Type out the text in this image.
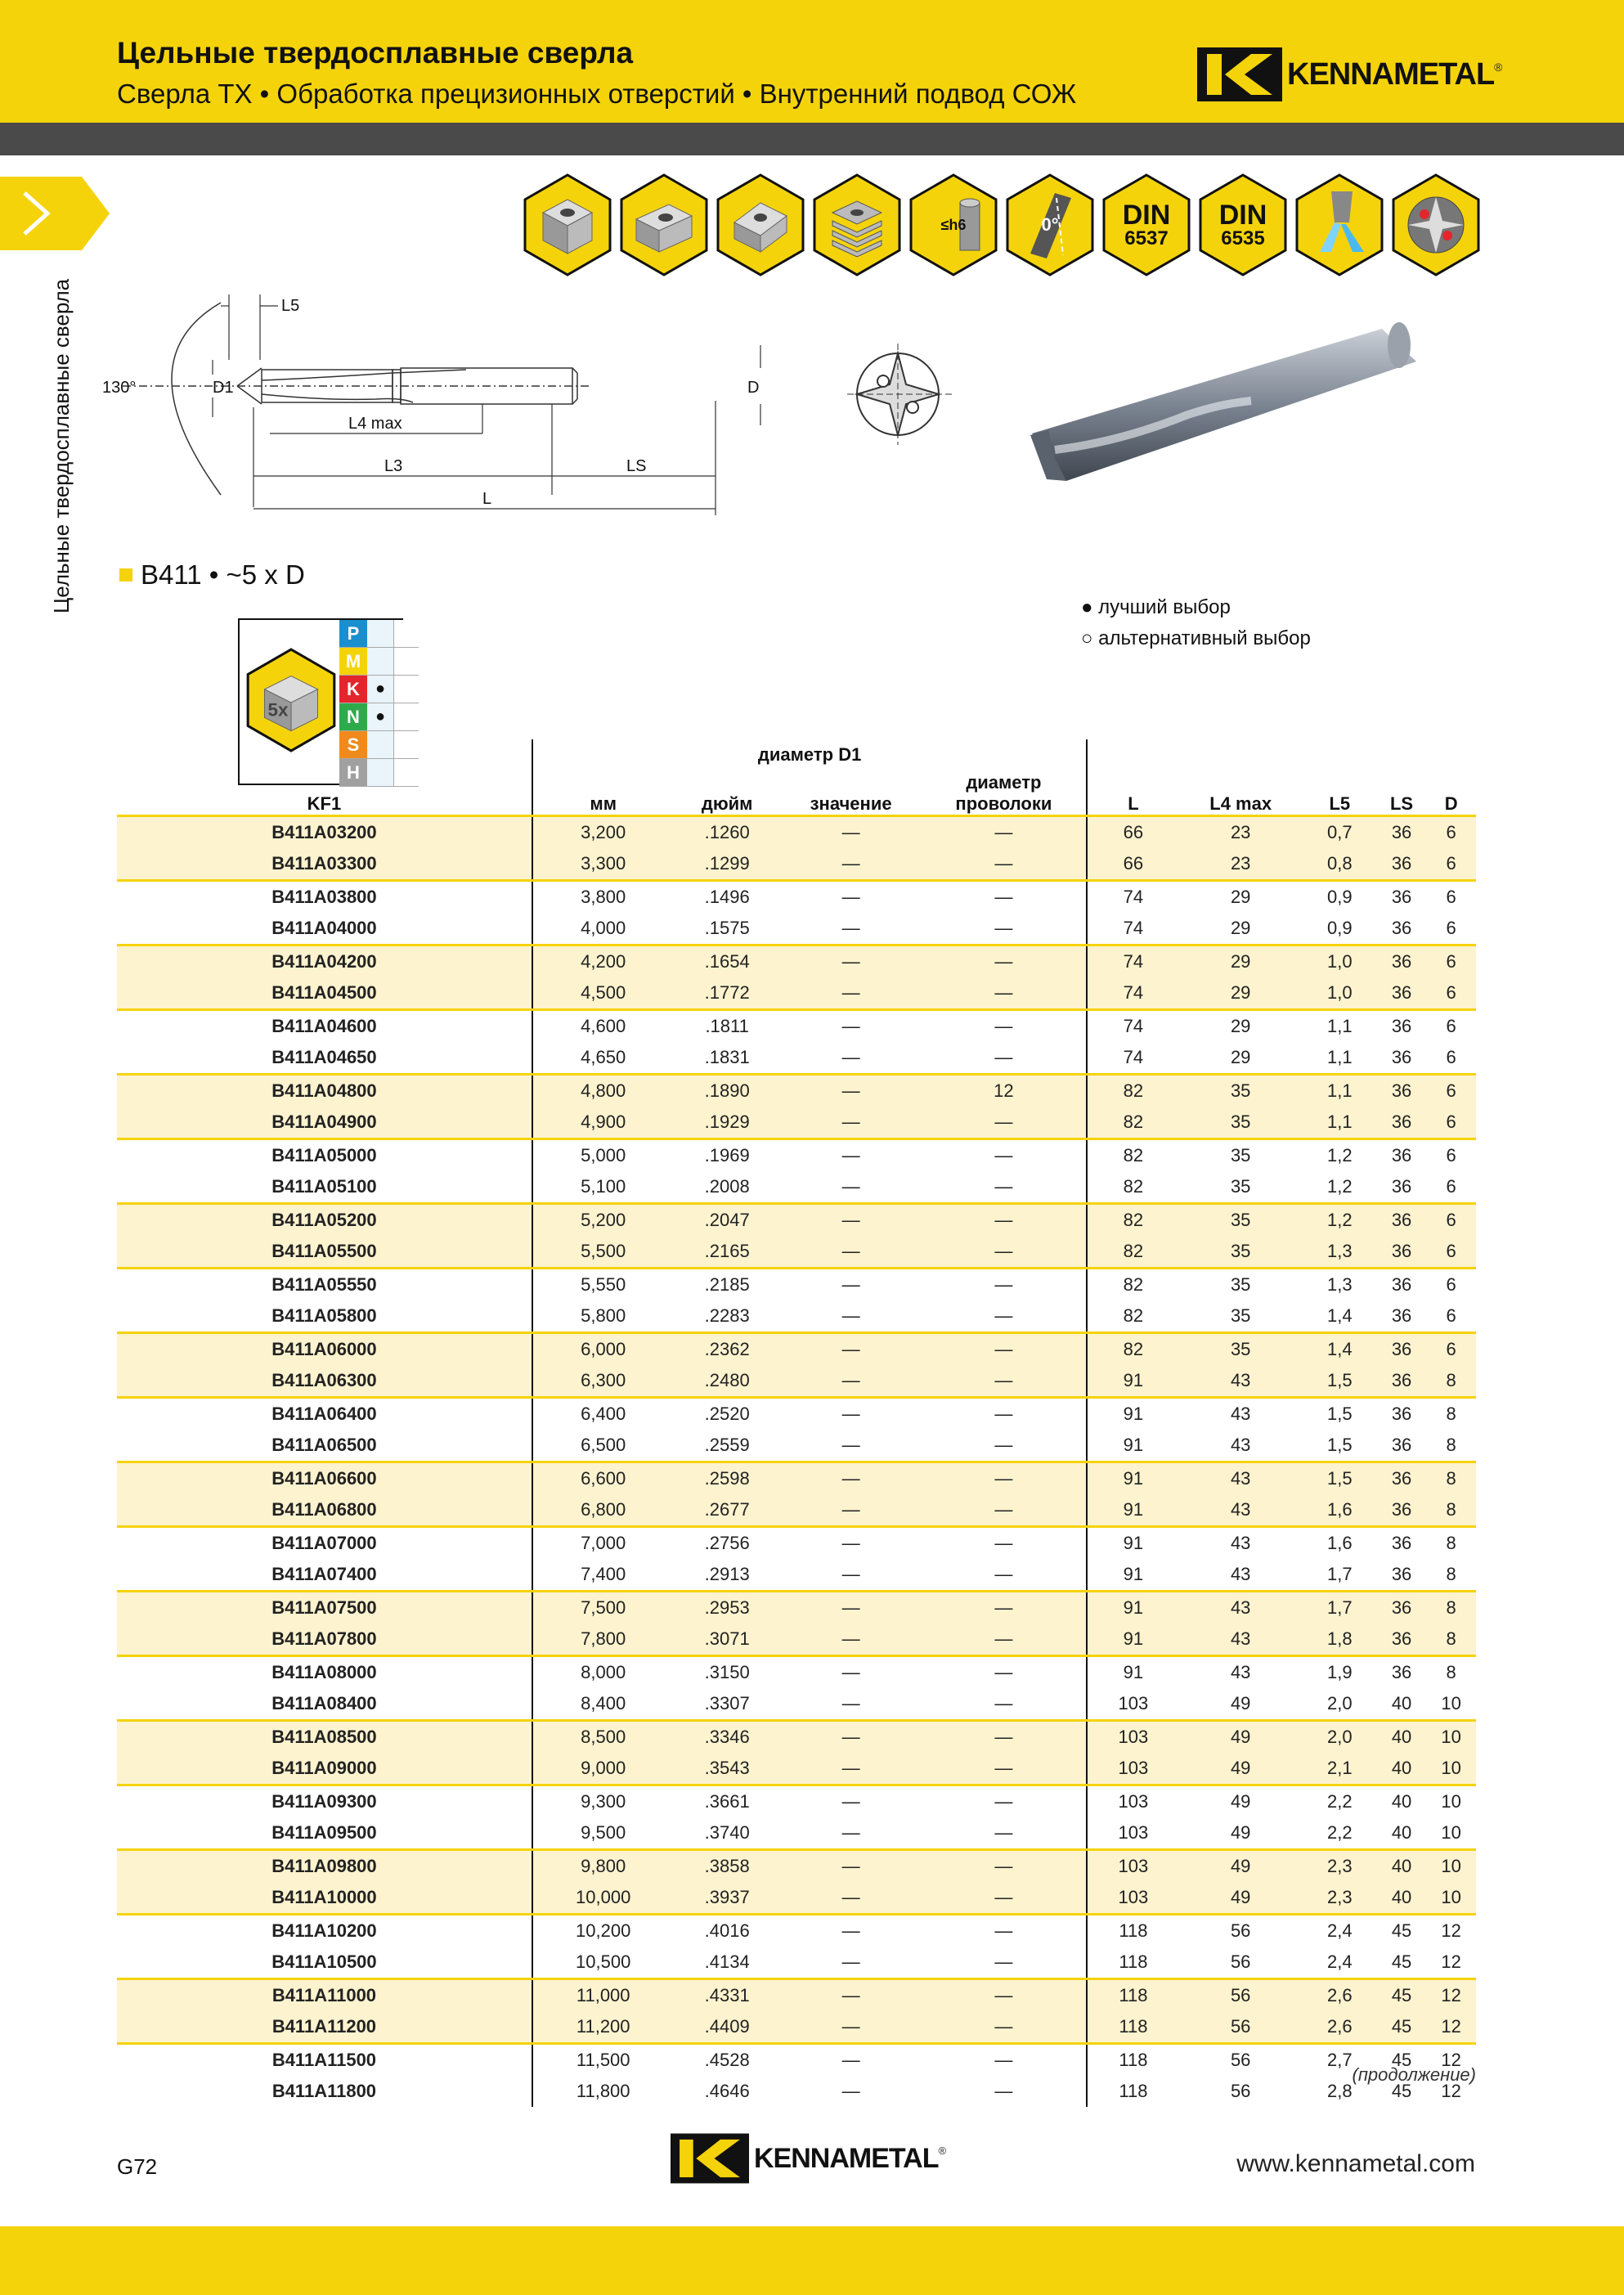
Цельные твердосплавные сверла
Сверла TX • Обработка прецизионных отверстий • Внутренний подвод СОЖ
KENNAMETAL ®
Цельные твердосплавные сверла
≤h6	0°	DIN
6537
DIN
6535
130°	D1
L5
L4 max
L3	LS
L
D
B411 • ~5 x D
● лучший выбор
○ альтернативный выбор
5x
P
M
K ●
N ●
S
H
	диаметр D1								
KF1	мм	дюйм	значение	диаметр проволоки	L	L4 max	L5	LS	D
B411A03200	3,200	.1260	—	—	66	23	0,7	36	6
B411A03300	3,300	.1299	—	—	66	23	0,8	36	6
B411A03800	3,800	.1496	—	—	74	29	0,9	36	6
B411A04000	4,000	.1575	—	—	74	29	0,9	36	6
B411A04200	4,200	.1654	—	—	74	29	1,0	36	6
B411A04500	4,500	.1772	—	—	74	29	1,0	36	6
B411A04600	4,600	.1811	—	—	74	29	1,1	36	6
B411A04650	4,650	.1831	—	—	74	29	1,1	36	6
B411A04800	4,800	.1890	—	12	82	35	1,1	36	6
B411A04900	4,900	.1929	—	—	82	35	1,1	36	6
B411A05000	5,000	.1969	—	—	82	35	1,2	36	6
B411A05100	5,100	.2008	—	—	82	35	1,2	36	6
B411A05200	5,200	.2047	—	—	82	35	1,2	36	6
B411A05500	5,500	.2165	—	—	82	35	1,3	36	6
B411A05550	5,550	.2185	—	—	82	35	1,3	36	6
B411A05800	5,800	.2283	—	—	82	35	1,4	36	6
B411A06000	6,000	.2362	—	—	82	35	1,4	36	6
B411A06300	6,300	.2480	—	—	91	43	1,5	36	8
B411A06400	6,400	.2520	—	—	91	43	1,5	36	8
B411A06500	6,500	.2559	—	—	91	43	1,5	36	8
B411A06600	6,600	.2598	—	—	91	43	1,5	36	8
B411A06800	6,800	.2677	—	—	91	43	1,6	36	8
B411A07000	7,000	.2756	—	—	91	43	1,6	36	8
B411A07400	7,400	.2913	—	—	91	43	1,7	36	8
B411A07500	7,500	.2953	—	—	91	43	1,7	36	8
B411A07800	7,800	.3071	—	—	91	43	1,8	36	8
B411A08000	8,000	.3150	—	—	91	43	1,9	36	8
B411A08400	8,400	.3307	—	—	103	49	2,0	40	10
B411A08500	8,500	.3346	—	—	103	49	2,0	40	10
B411A09000	9,000	.3543	—	—	103	49	2,1	40	10
B411A09300	9,300	.3661	—	—	103	49	2,2	40	10
B411A09500	9,500	.3740	—	—	103	49	2,2	40	10
B411A09800	9,800	.3858	—	—	103	49	2,3	40	10
B411A10000	10,000	.3937	—	—	103	49	2,3	40	10
B411A10200	10,200	.4016	—	—	118	56	2,4	45	12
B411A10500	10,500	.4134	—	—	118	56	2,4	45	12
B411A11000	11,000	.4331	—	—	118	56	2,6	45	12
B411A11200	11,200	.4409	—	—	118	56	2,6	45	12
B411A11500	11,500	.4528	—	—	118	56	2,7	45	12
B411A11800	11,800	.4646	—	—	118	56	2,8	45	12
(продолжение)
G72	KENNAMETAL ®	www.kennametal.com
